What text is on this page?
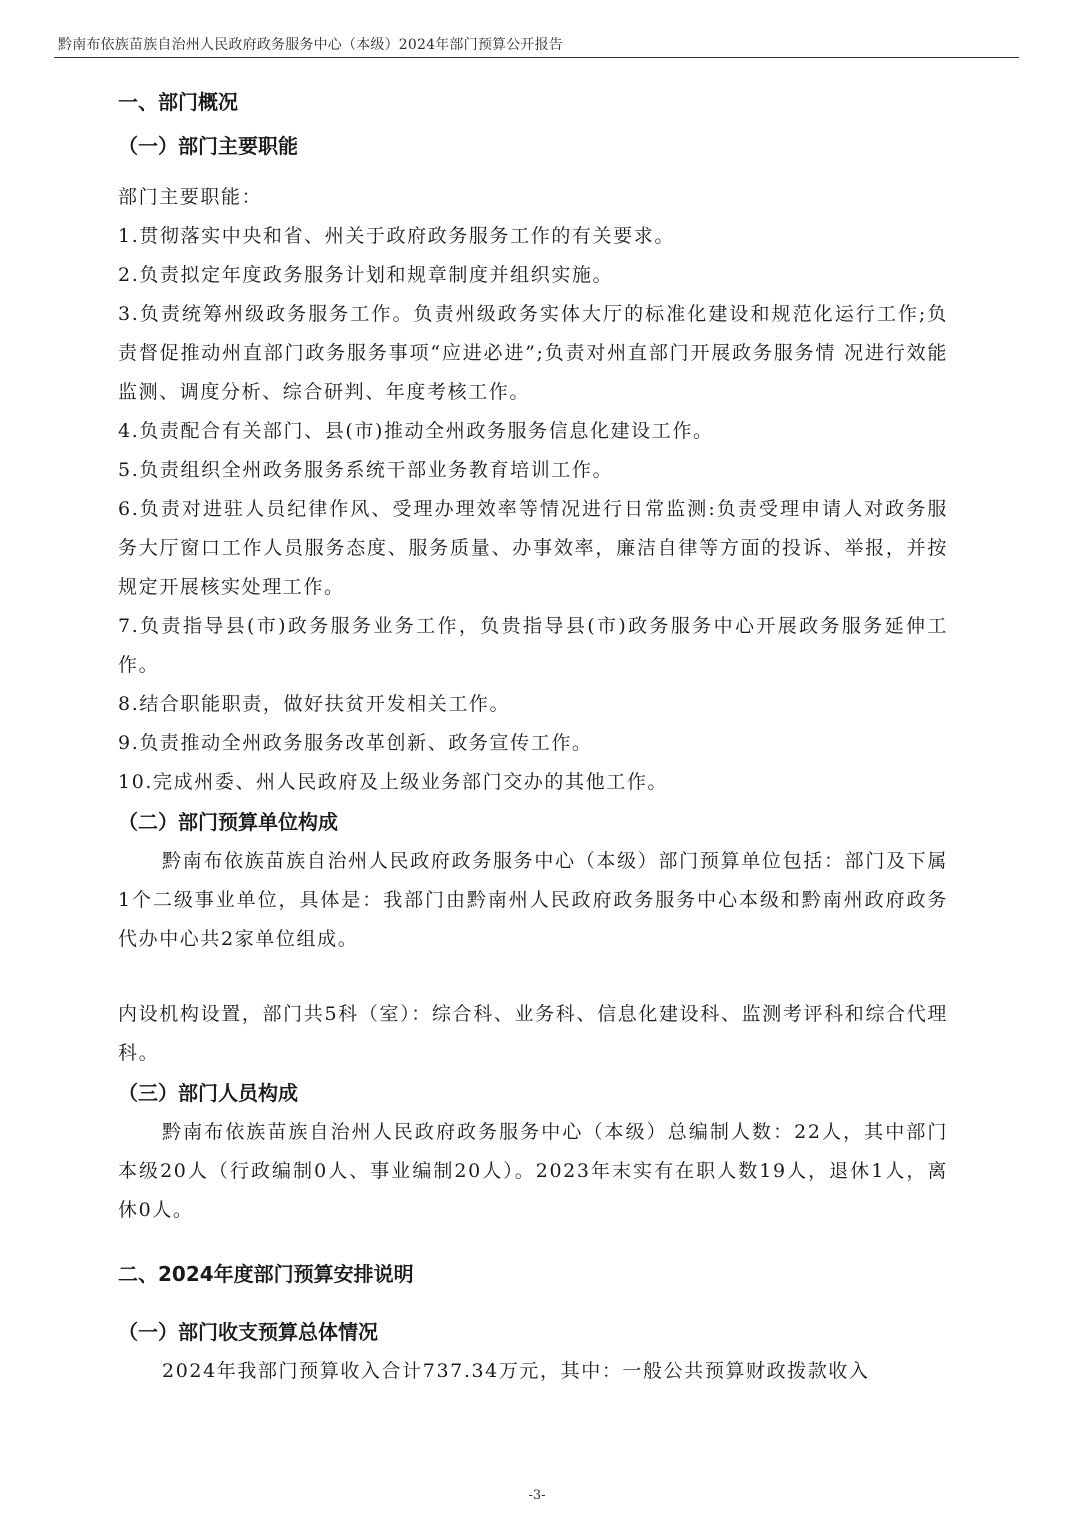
黔南布依族苗族自治州人民政府政务服务中心（本级）2024年部门预算公开报告
一、部门概况
（一）部门主要职能

部门主要职能：

1.贯彻落实中央和省、州关于政府政务服务工作的有关要求。

2.负责拟定年度政务服务计划和规章制度并组织实施。

3.负责统筹州级政务服务工作。负责州级政务实体大厅的标准化建设和规范化运行工作;负责督促推动州直部门政务服务事项“应进必进”;负责对州直部门开展政务服务情 况进行效能监测、调度分析、综合研判、年度考核工作。

4.负责配合有关部门、县(市)推动全州政务服务信息化建设工作。

5.负责组织全州政务服务系统干部业务教育培训工作。

6.负责对进驻人员纪律作风、受理办理效率等情况进行日常监测:负责受理申请人对政务服务大厅窗口工作人员服务态度、服务质量、办事效率，廉洁自律等方面的投诉、举报，并按规定开展核实处理工作。

7.负责指导县(市)政务服务业务工作，负贵指导县(市)政务服务中心开展政务服务延伸工作。

8.结合职能职责，做好扶贫开发相关工作。

9.负责推动全州政务服务改革创新、政务宣传工作。

10.完成州委、州人民政府及上级业务部门交办的其他工作。

（二）部门预算单位构成

黔南布依族苗族自治州人民政府政务服务中心（本级）部门预算单位包括：部门及下属1个二级事业单位，具体是：我部门由黔南州人民政府政务服务中心本级和黔南州政府政务代办中心共2家单位组成。

内设机构设置，部门共5科（室）：综合科、业务科、信息化建设科、监测考评科和综合代理科。

（三）部门人员构成

黔南布依族苗族自治州人民政府政务服务中心（本级）总编制人数：22人，其中部门本级20人（行政编制0人、事业编制20人）。2023年末实有在职人数19人，退休1人，离休0人。

二、2024年度部门预算安排说明
（一）部门收支预算总体情况

2024年我部门预算收入合计737.34万元，其中：一般公共预算财政拨款收入

-3-
